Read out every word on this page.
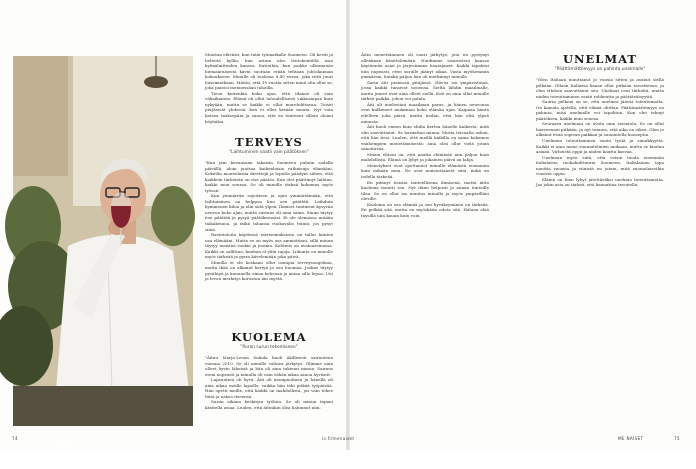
"Viinin ja ruoan voima on siinä, että sen äärellä ihmiset kohtaavat toisensa aidosti. Puheet ovat molemmille tärkeämpiä."

Muistan elävästi, kun tulin työmatkalle Suomeen. Oli kevät ja helteitä kyllin, kun astuin ulos lentokentältä ison kylmälaitteiden kanssa. Kattoihin, kun joukko ulkomaista liiemaaraisesta kävin suoraan erään tehtaan johtokunnan kokoukseen. Minulle oli tuoksua 8,40 euroa, joka riitti juuri bussimatkaan. Mietin, että 15 vuotta sitten minä olin ollut se, joka paistoi mennessään tahoilla.

Tieon kuitenkin koko ajan, että tilanne oli vain väliaikainen. Elämä oli ollut taloudellisesti vaikeampaa kuin nykyään, mutta se kaikki ei ollut murehdittavaa. Toiset pärjäsivät yhdessä, kun ei ollut ketään muuta. Nyt voin katsoa taaksepäin ja sanoa, että en tuntenut silloin oloani köyhäksi.

TERVEYS
"Laihtuminen vaatii vain päätöksen"

"Kun jäin kuvausaan takaisin Suomeen puhuin sadalla päivällä, aloin juuttaa kaikenlaisia ratkaisuja elämääni. Kokeilin monenlaisia dieettejä ja lopulta päädyin siihen, että kaikkein tärkeintä on itse päätös. Kun olet päättänyt laihtua, kaikki muu seuraa. Se oli minulle tärkeä kokemus myös työssä.

Kun ymmärrän rajoitteen ja opin ymmärtämään, että laihtuminen on helppoa kun sen päättää. Laihduin kymmenen kiloa ja olin siitä ylpeä. Ihmiset tuntuivat kysyvän neuvoa koko ajan, mutta vastaus oli aina sama. Sinun täytyy itse päättää ja pysyä päätöksessäsi. Ei ole olemassa mitään taikakeinoa, ja mikä tahansa ruokavalio toimii, jos pysyt siinä.

Ravintoloita käydessä ravitsemuksesta on tullut kiinteä osa elämääni. Mutta se on myös osa ammattiani, sillä minun täytyy maistaa ruokia ja juomia. Kohtuus on avainasemassa. Kaikki on sallittua, kunhan ei ylitä rajoja. Liikunta on minulle myös tärkeää ja pyrin kävelemään joka päivä.

Minulla ei ole koskaan ollut isompia terveysongelmia, mutta ikää on alkanut kertyä ja sen huomaa. Joskus täytyy pysähtyä ja kuunnella omaa kehoaan ja antaa sille lepoa. Uni ja levon merkitys korostuu iän myötä.

KUOLEMA
"Puran surun tekemiseen"

"Äitini Marja-Leena Sukula kuoli äkillisesti sairauteen vuonna 2010. Se oli minulle valtava järkytys. Olimme aina olleet hyvin läheisiä ja hän oli aina tukenut minua. Sairaus eteni nopeasti ja minulla oli vain vähän aikaa sanoa hyvästit.

Lapsuuteni oli hyvä. Äiti oli monipuolinen ja hänellä oli aina aikaa meille lapsille, vaikka hän teki pitkää työpäivää. Hän opetti meille, että kaikki on mahdollista, jos vain tekee töitä ja uskoo itseensä.

Surun aikana keskityin työhön. Se oli minun tapani käsitellä asiaa. Luulen, että äitinikin olisi halunnut niin.

Äitin menettäminen oli suuri järkytys, jota en pystynyt ollenkaan käsittelemään. Hoidimme sisarusteni kanssa käytännön asiat ja järjestimme hautajaiset. Kaikki tapahtui niin nopeasti, ettei surulle jäänyt aikaa. Vasta myöhemmin ymmärsin, kuinka paljon hän oli merkinnyt minulle.

Sarin äiti pienessä pitäjässä. Hävisi isä ympäristössä, jossa kaikki tunsivat toisensa. Sieltä lähdin maailmalle, mutta juuret ovat aina olleet siellä. Koti on aina ollut minulle tärkeä paikka, johon voi palata.

Äiti oli mielestäni maailman paras, ja hänen neuvonsa ovat kulkeneet mukanani koko elämän ajan. Kaipaan häntä edelleen joka päivä, mutta tiedän, että hän olisi ylpeä minusta.

Äiti kuoli ennen kuin ehdin kertoa hänelle kaikesta, mitä olin saavuttanut. Se harmittaa minua. Mutta toisaalta uskon, että hän tiesi. Luulen, että meillä kaikilla on sama kokemus vanhempien menettämisestä: aina olisi ollut vielä jotain sanottavaa.

Minun ehtoni on, että nautin elämästä niin paljon kuin mahdollista. Elämä on lyhyt ja jokainen päivä on lahja.

Menetykset ovat opettaneet minulle elämästä enemmän kuin mikään muu. Ne ovat muistuttaneet siitä, mikä on todella tärkeää.

En pitänyt itseäni tunteellisena ihmisenä, mutta äitin kuolema muutti sen. Nyt itken helposti ja annan tunteille tilaa. Se on ollut iso muutos minulle ja myös ympärilläni oleville.

Kuolema on osa elämää ja sen hyväksyminen on tärkeää. En pelkää sitä, mutta en myöskään odota sitä. Haluan elää täysillä niin kauan kuin voin.

UNELMAT
"Päättämättömyys on pahinta unelmalle"

"Olen Italiaan muuttanut jo vuosia sitten ja asunut siellä pitkään. Ollaan Italiassa kauan ollut pitkään tavoitteena, ja olen vihdoin saavuttanut sen. Unelmat ovat tärkeitä, mutta niiden toteuttaminen vaatii rohkeutta ja päättäväisyyttä.

Suurin pelkoni on se, että unelmat jäävät toteutumatta. On kamala ajatella, että elämä ohittaa. Päättämättömyys on pahinta, mitä unelmalle voi tapahtua. Kun olet tehnyt päätöksen, kaikki muu seuraa.

Seuraava unelmani on avata oma ravintola. Se on ollut haaveenani pitkään, ja nyt tunnen, että aika on oikea. Olen jo alkanut etsiä sopivaa paikkaa ja suunnitella konseptia.

Unelmien toteuttaminen vaatii työtä ja sinnikkyyttä. Kaikki ei aina mene suunnitelmien mukaan, mutta se kuuluu asiaan. Virheistä oppii ja niiden kautta kasvaa.

Unelmoin myös siitä, että voisin tuoda enemmän italialaista ruokakulttuuria Suomeen. Italialainen tapa nauttia ruoasta ja viinistä on jotain, mitä suomalaisetkin voisivat oppia.

Elämä on liian lyhyt jätettäväksi unelmia toteuttamatta. Jos jokin asia on tärkeä, sitä kannattaa tavoitella.

74	is.fi/menaiset	ME NAISET	75
